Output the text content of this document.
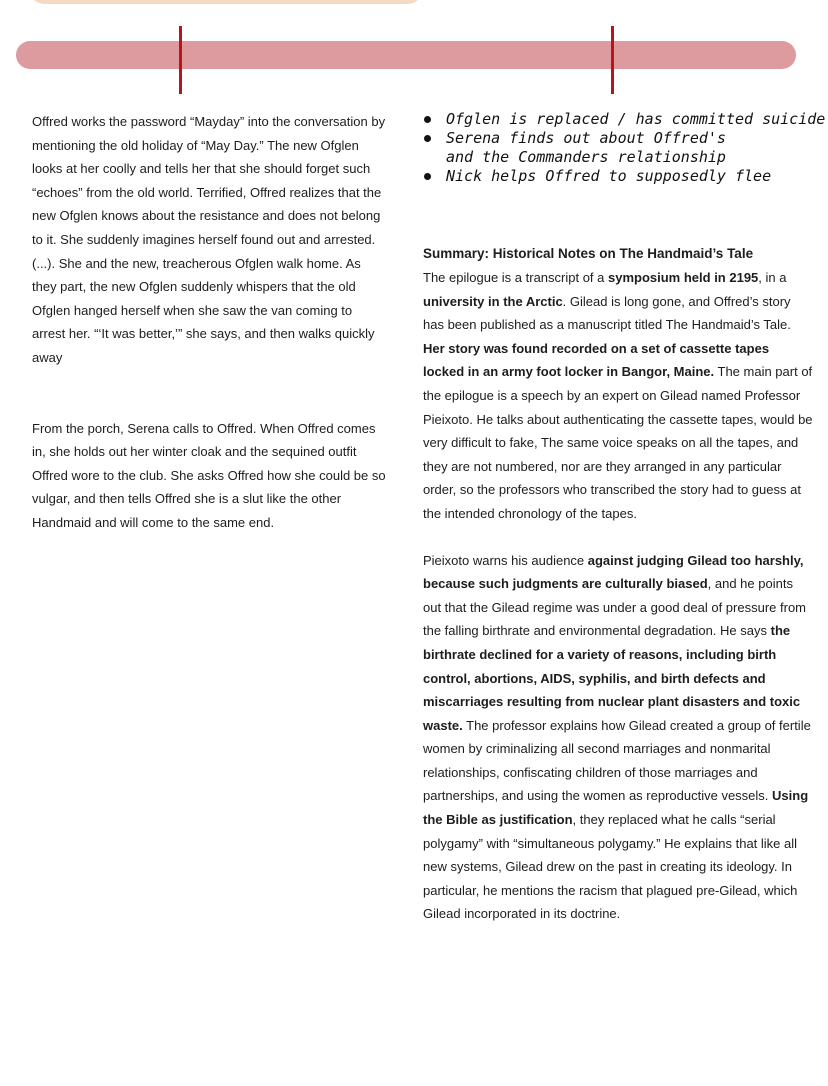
Offred works the password “Mayday” into the conversation by mentioning the old holiday of “May Day.” The new Ofglen looks at her coolly and tells her that she should forget such “echoes” from the old world. Terrified, Offred realizes that the new Ofglen knows about the resistance and does not belong to it. She suddenly imagines herself found out and arrested. (...). She and the new, treacherous Ofglen walk home. As they part, the new Ofglen suddenly whispers that the old Ofglen hanged herself when she saw the van coming to arrest her. “‘It was better,’” she says, and then walks quickly away

From the porch, Serena calls to Offred. When Offred comes in, she holds out her winter cloak and the sequined outfit Offred wore to the club. She asks Offred how she could be so vulgar, and then tells Offred she is a slut like the other Handmaid and will come to the same end.

Ofglen is replaced / has committed suicide
Serena finds out about Offred's
and the Commanders relationship
Nick helps Offred to supposedly flee
Summary: Historical Notes on The Handmaid’s Tale

The epilogue is a transcript of a symposium held in 2195, in a university in the Arctic. Gilead is long gone, and Offred’s story has been published as a manuscript titled The Handmaid’s Tale. Her story was found recorded on a set of cassette tapes locked in an army foot locker in Bangor, Maine. The main part of the epilogue is a speech by an expert on Gilead named Professor Pieixoto. He talks about authenticating the cassette tapes, would be very difficult to fake, The same voice speaks on all the tapes, and they are not numbered, nor are they arranged in any particular order, so the professors who transcribed the story had to guess at the intended chronology of the tapes.

Pieixoto warns his audience against judging Gilead too harshly, because such judgments are culturally biased, and he points out that the Gilead regime was under a good deal of pressure from the falling birthrate and environmental degradation. He says the birthrate declined for a variety of reasons, including birth control, abortions, AIDS, syphilis, and birth defects and miscarriages resulting from nuclear plant disasters and toxic waste. The professor explains how Gilead created a group of fertile women by criminalizing all second marriages and nonmarital relationships, confiscating children of those marriages and partnerships, and using the women as reproductive vessels. Using the Bible as justification, they replaced what he calls “serial polygamy” with “simultaneous polygamy.” He explains that like all new systems, Gilead drew on the past in creating its ideology. In particular, he mentions the racism that plagued pre-Gilead, which Gilead incorporated in its doctrine.
